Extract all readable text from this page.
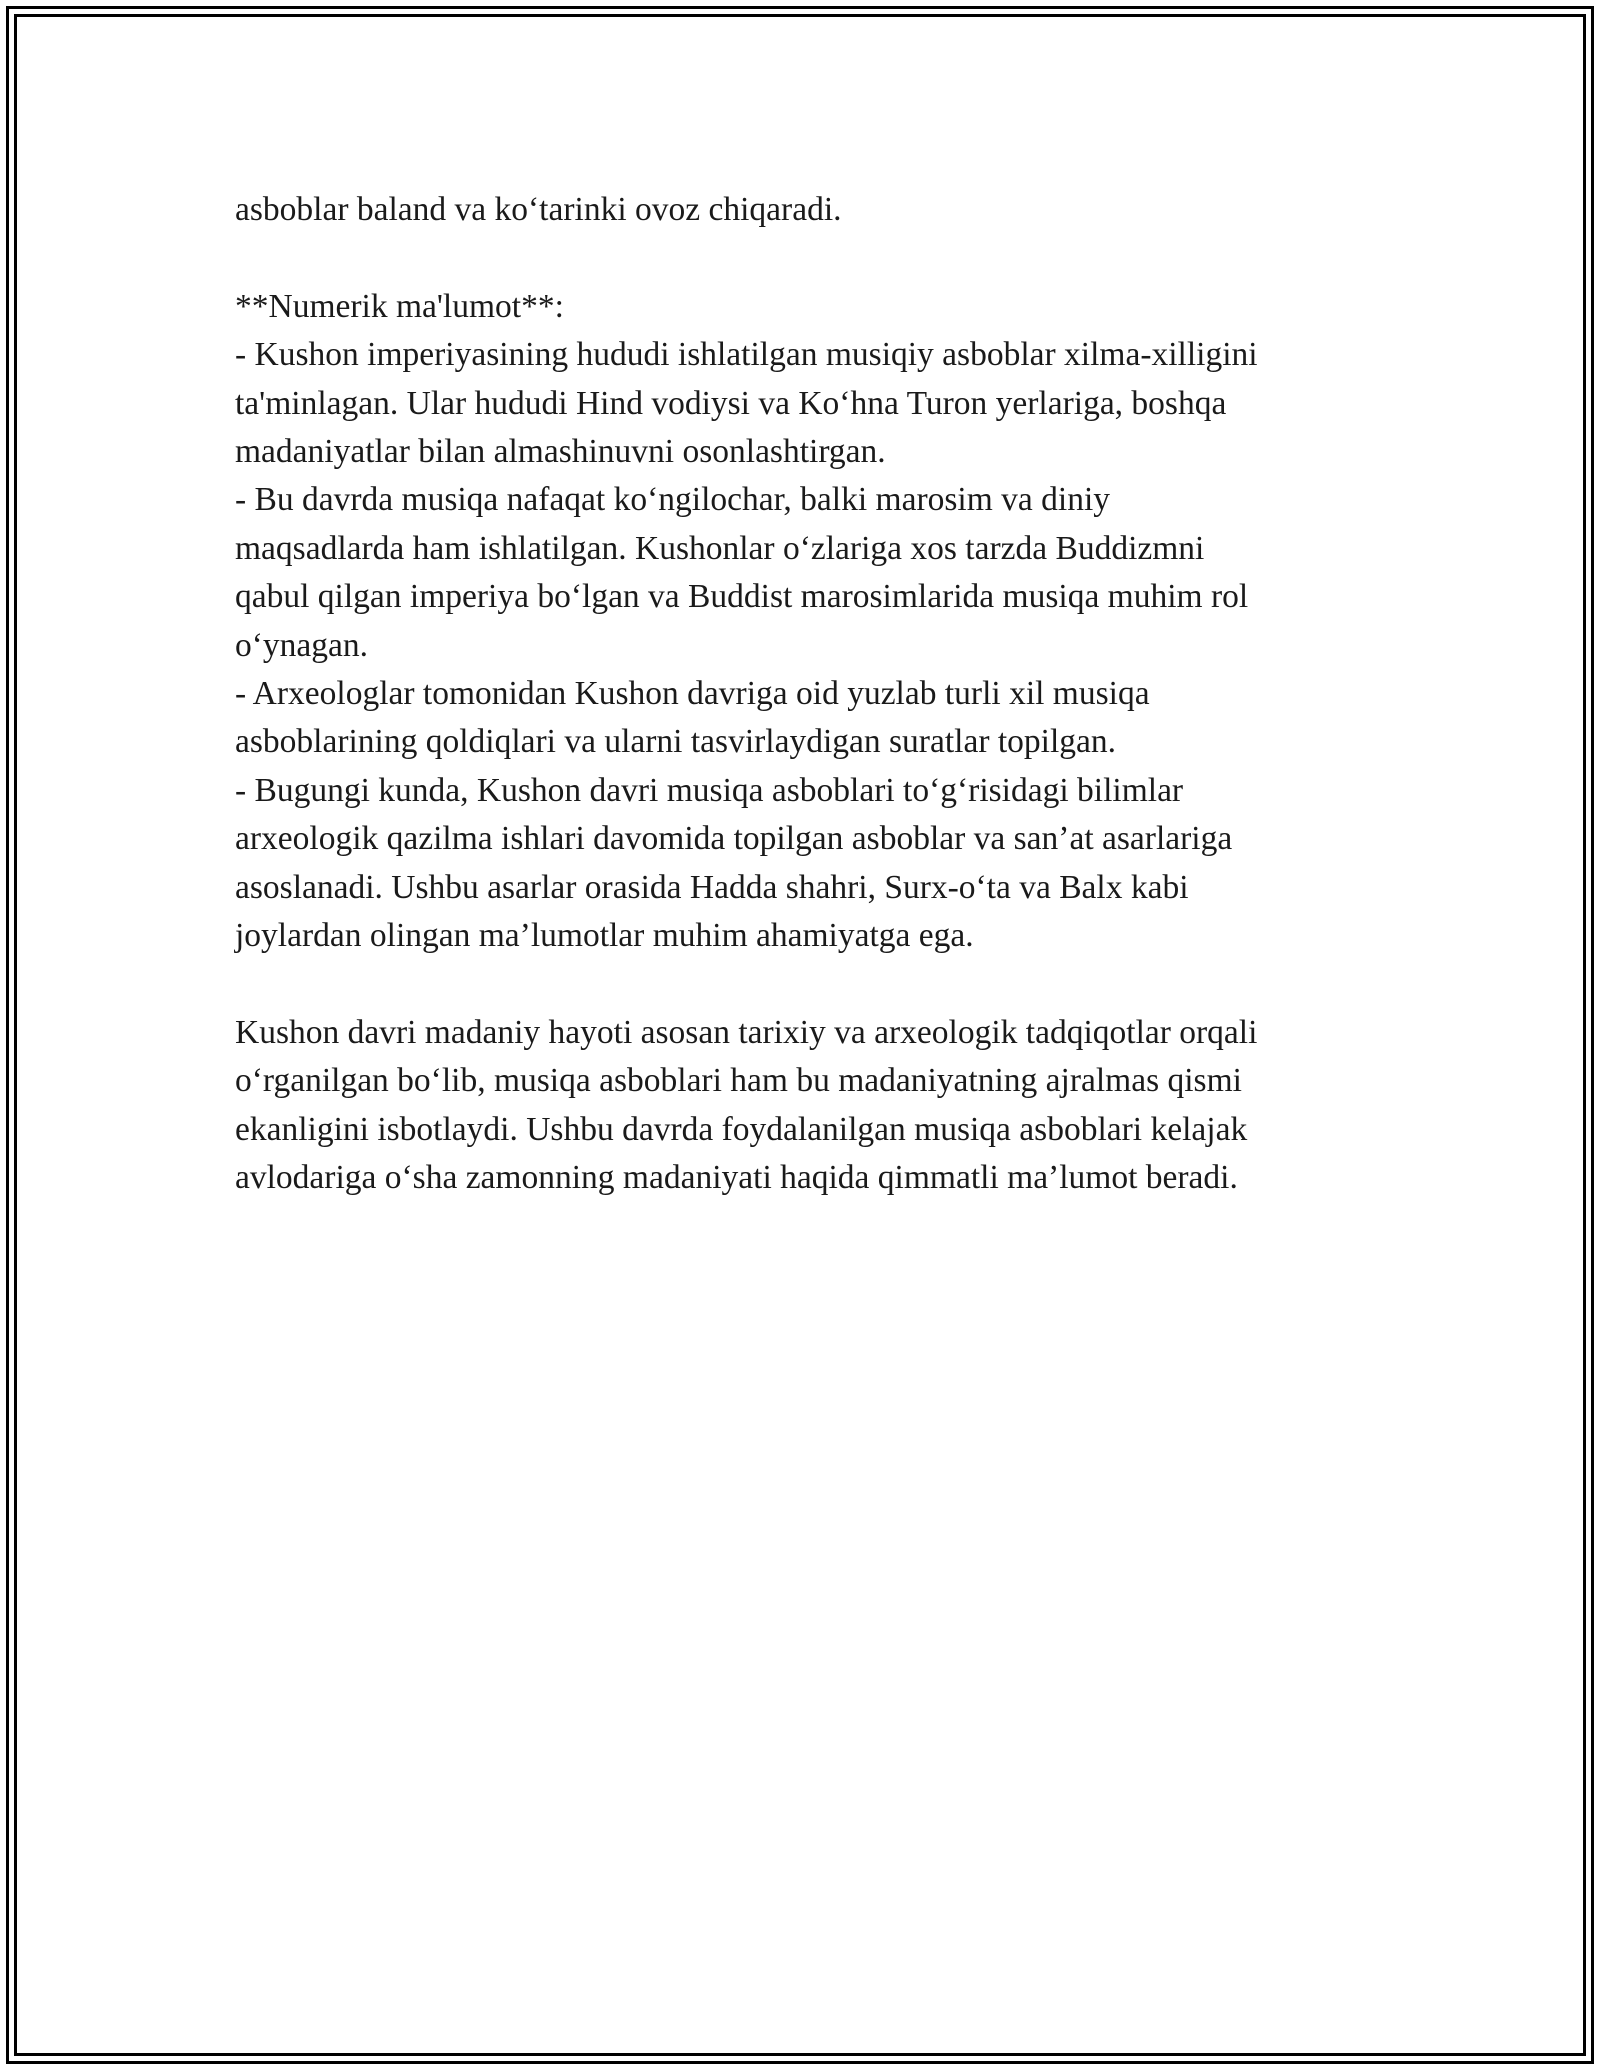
asboblar baland va ko‘tarinki ovoz chiqaradi.
**Numerik ma'lumot**:
- Kushon imperiyasining hududi ishlatilgan musiqiy asboblar xilma-xilligini
ta'minlagan. Ular hududi Hind vodiysi va Ko‘hna Turon yerlariga, boshqa
madaniyatlar bilan almashinuvni osonlashtirgan.
- Bu davrda musiqa nafaqat ko‘ngilochar, balki marosim va diniy
maqsadlarda ham ishlatilgan. Kushonlar o‘zlariga xos tarzda Buddizmni
qabul qilgan imperiya bo‘lgan va Buddist marosimlarida musiqa muhim rol
o‘ynagan.
- Arxeologlar tomonidan Kushon davriga oid yuzlab turli xil musiqa
asboblarining qoldiqlari va ularni tasvirlaydigan suratlar topilgan.
- Bugungi kunda, Kushon davri musiqa asboblari to‘g‘risidagi bilimlar
arxeologik qazilma ishlari davomida topilgan asboblar va san’at asarlariga
asoslanadi. Ushbu asarlar orasida Hadda shahri, Surx-o‘ta va Balx kabi
joylardan olingan ma’lumotlar muhim ahamiyatga ega.
Kushon davri madaniy hayoti asosan tarixiy va arxeologik tadqiqotlar orqali
o‘rganilgan bo‘lib, musiqa asboblari ham bu madaniyatning ajralmas qismi
ekanligini isbotlaydi. Ushbu davrda foydalanilgan musiqa asboblari kelajak
avlodariga o‘sha zamonning madaniyati haqida qimmatli ma’lumot beradi.
